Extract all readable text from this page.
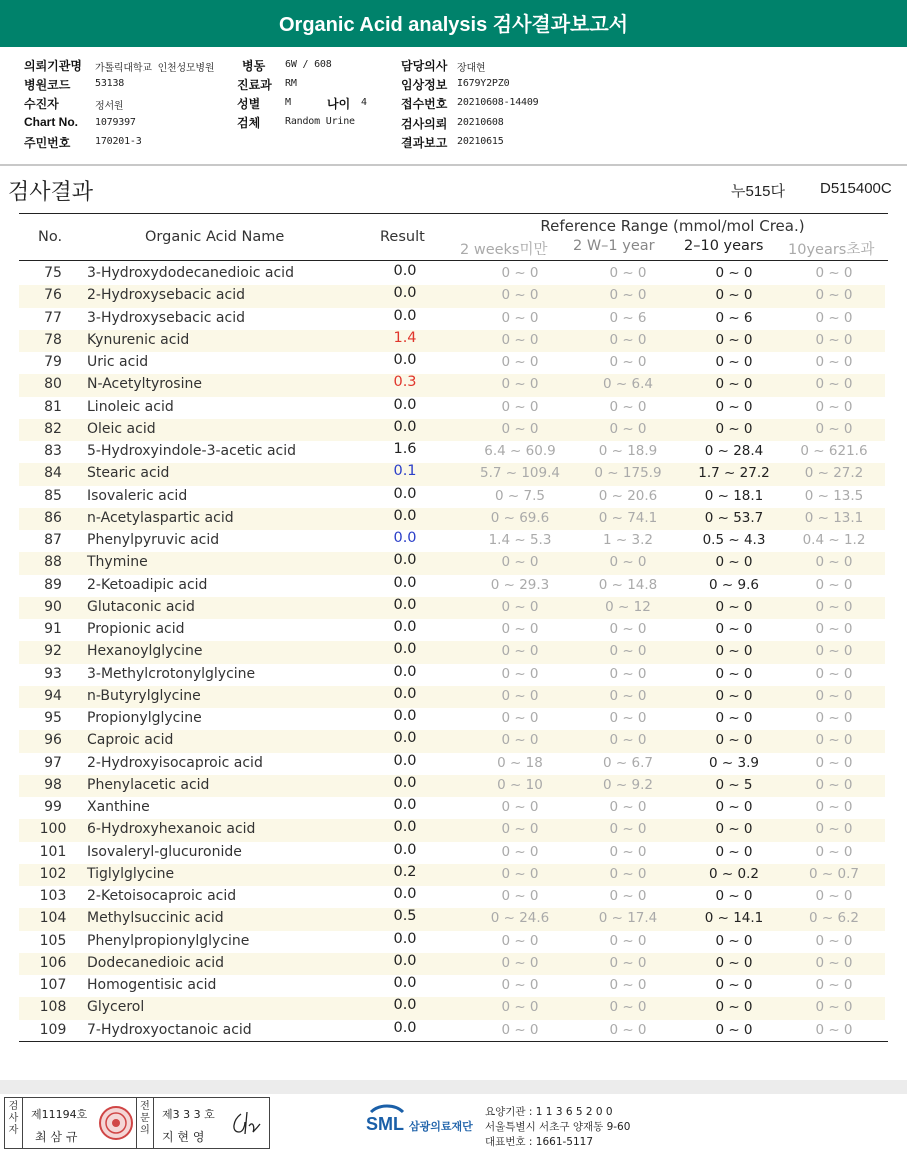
Organic Acid analysis 검사결과보고서
의뢰기관명 가톨릭대학교 인천성모병원 병동 6W / 608	담당의사 장대현
병원코드 53138	진료과 RM	임상정보 I679Y2PZ0
수진자	정서원	성별 M	나이 4	접수번호 20210608-14409
Chart No. 1079397	검체 Random Urine	검사의뢰 20210608
주민번호 170201-3	결과보고 20210615
검사결과	누515다 D515400C
No.	Organic Acid Name	Result
Reference Range (mmol/mol Crea.)
2 weeks미만 2 W–1 year 2–10 years 10years초과
75	3-Hydroxydodecanedioic acid	0.0	0 ~ 0	0 ~ 0	0 ~ 0	0 ~ 0
76	2-Hydroxysebacic acid	0.0	0 ~ 0	0 ~ 0	0 ~ 0	0 ~ 0
77	3-Hydroxysebacic acid	0.0	0 ~ 0	0 ~ 6	0 ~ 6	0 ~ 0
78	Kynurenic acid	1.4	0 ~ 0	0 ~ 0	0 ~ 0	0 ~ 0
79	Uric acid	0.0	0 ~ 0	0 ~ 0	0 ~ 0	0 ~ 0
80	N-Acetyltyrosine	0.3	0 ~ 0	0 ~ 6.4	0 ~ 0	0 ~ 0
81	Linoleic acid	0.0	0 ~ 0	0 ~ 0	0 ~ 0	0 ~ 0
82	Oleic acid	0.0	0 ~ 0	0 ~ 0	0 ~ 0	0 ~ 0
83	5-Hydroxyindole-3-acetic acid	1.6	6.4 ~ 60.9	0 ~ 18.9	0 ~ 28.4	0 ~ 621.6
84	Stearic acid	0.1	5.7 ~ 109.4	0 ~ 175.9	1.7 ~ 27.2	0 ~ 27.2
85	Isovaleric acid	0.0	0 ~ 7.5	0 ~ 20.6	0 ~ 18.1	0 ~ 13.5
86	n-Acetylaspartic acid	0.0	0 ~ 69.6	0 ~ 74.1	0 ~ 53.7	0 ~ 13.1
87	Phenylpyruvic acid	0.0	1.4 ~ 5.3	1 ~ 3.2	0.5 ~ 4.3	0.4 ~ 1.2
88	Thymine	0.0	0 ~ 0	0 ~ 0	0 ~ 0	0 ~ 0
89	2-Ketoadipic acid	0.0	0 ~ 29.3	0 ~ 14.8	0 ~ 9.6	0 ~ 0
90	Glutaconic acid	0.0	0 ~ 0	0 ~ 12	0 ~ 0	0 ~ 0
91	Propionic acid	0.0	0 ~ 0	0 ~ 0	0 ~ 0	0 ~ 0
92	Hexanoylglycine	0.0	0 ~ 0	0 ~ 0	0 ~ 0	0 ~ 0
93	3-Methylcrotonylglycine	0.0	0 ~ 0	0 ~ 0	0 ~ 0	0 ~ 0
94	n-Butyrylglycine	0.0	0 ~ 0	0 ~ 0	0 ~ 0	0 ~ 0
95	Propionylglycine	0.0	0 ~ 0	0 ~ 0	0 ~ 0	0 ~ 0
96	Caproic acid	0.0	0 ~ 0	0 ~ 0	0 ~ 0	0 ~ 0
97	2-Hydroxyisocaproic acid	0.0	0 ~ 18	0 ~ 6.7	0 ~ 3.9	0 ~ 0
98	Phenylacetic acid	0.0	0 ~ 10	0 ~ 9.2	0 ~ 5	0 ~ 0
99	Xanthine	0.0	0 ~ 0	0 ~ 0	0 ~ 0	0 ~ 0
100	6-Hydroxyhexanoic acid	0.0	0 ~ 0	0 ~ 0	0 ~ 0	0 ~ 0
101	Isovaleryl-glucuronide	0.0	0 ~ 0	0 ~ 0	0 ~ 0	0 ~ 0
102	Tiglylglycine	0.2	0 ~ 0	0 ~ 0	0 ~ 0.2	0 ~ 0.7
103	2-Ketoisocaproic acid	0.0	0 ~ 0	0 ~ 0	0 ~ 0	0 ~ 0
104	Methylsuccinic acid	0.5	0 ~ 24.6	0 ~ 17.4	0 ~ 14.1	0 ~ 6.2
105	Phenylpropionylglycine	0.0	0 ~ 0	0 ~ 0	0 ~ 0	0 ~ 0
106	Dodecanedioic acid	0.0	0 ~ 0	0 ~ 0	0 ~ 0	0 ~ 0
107	Homogentisic acid	0.0	0 ~ 0	0 ~ 0	0 ~ 0	0 ~ 0
108	Glycerol	0.0	0 ~ 0	0 ~ 0	0 ~ 0	0 ~ 0
109	7-Hydroxyoctanoic acid	0.0	0 ~ 0	0 ~ 0	0 ~ 0	0 ~ 0
검
사
자
제11194호
최 삼 규
전
문
의
제3 3 3 호
지 현 영
SML 삼광의료재단
요양기관 : 1 1 3 6 5 2 0 0
서울특별시 서초구 양재동 9-60
대표번호 : 1661-5117
